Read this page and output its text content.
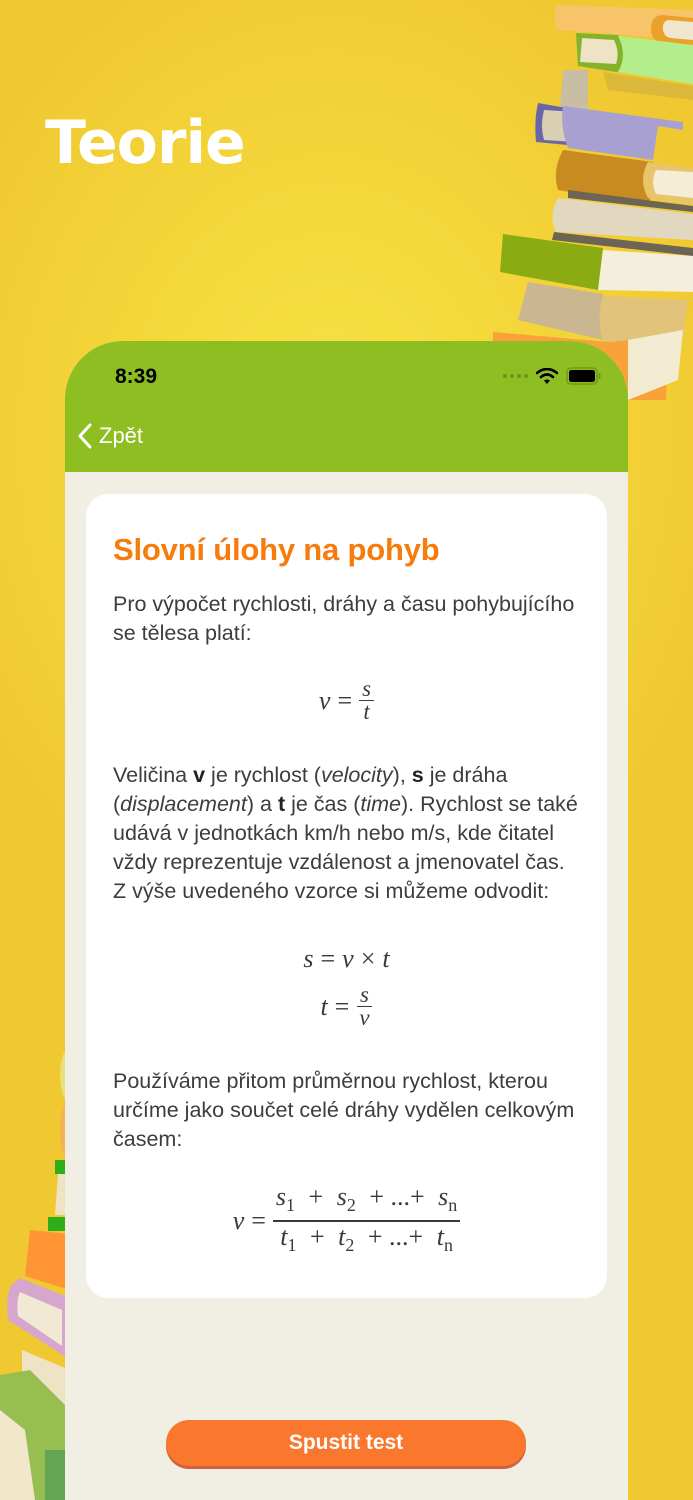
Teorie
8:39
Zpět
Slovní úlohy na pohyb

Pro výpočet rychlosti, dráhy a času pohybujícího se tělesa platí:

$v = \frac{s}{t}$

Veličina v je rychlost (velocity), s je dráha (displacement) a t je čas (time). Rychlost se také udává v jednotkách km/h nebo m/s, kde čitatel vždy reprezentuje vzdálenost a jmenovatel čas. Z výše uvedeného vzorce si můžeme odvodit:

s = v × t
$t = \frac{s}{v}$

Používáme přitom průměrnou rychlost, kterou určíme jako součet celé dráhy vydělen celkovým časem:

v =
$s_1 + s_2$ + ...+ $s_n$
$t_1 + t_2$ + ...+ $t_n$
Spustit test
